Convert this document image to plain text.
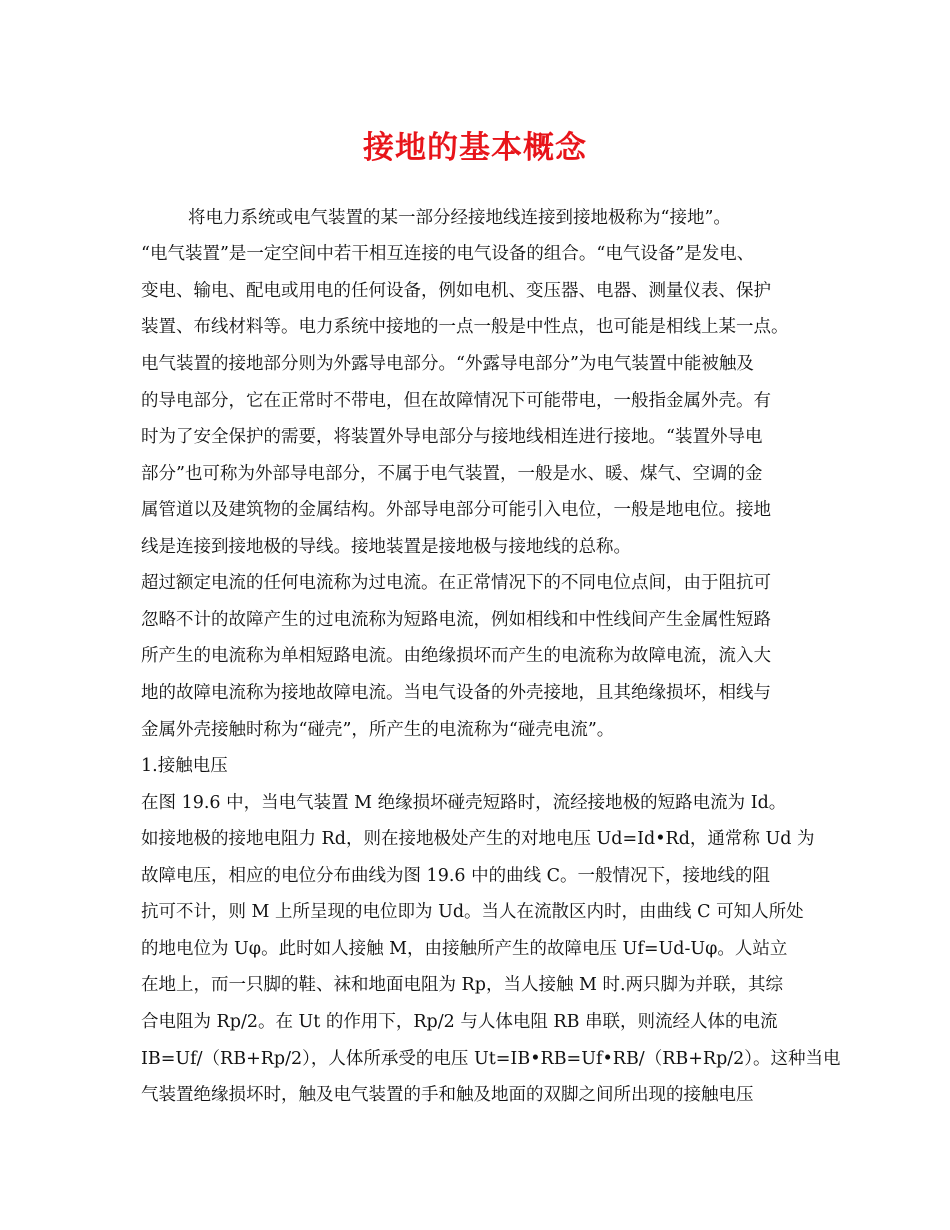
接地的基本概念
将电力系统或电气装置的某一部分经接地线连接到接地极称为“接地”。
“电气装置”是一定空间中若干相互连接的电气设备的组合。“电气设备”是发电、
变电、输电、配电或用电的任何设备，例如电机、变压器、电器、测量仪表、保护
装置、布线材料等。电力系统中接地的一点一般是中性点，也可能是相线上某一点。
电气装置的接地部分则为外露导电部分。“外露导电部分”为电气装置中能被触及
的导电部分，它在正常时不带电，但在故障情况下可能带电，一般指金属外壳。有
时为了安全保护的需要，将装置外导电部分与接地线相连进行接地。“装置外导电
部分”也可称为外部导电部分，不属于电气装置，一般是水、暖、煤气、空调的金
属管道以及建筑物的金属结构。外部导电部分可能引入电位，一般是地电位。接地
线是连接到接地极的导线。接地装置是接地极与接地线的总称。
超过额定电流的任何电流称为过电流。在正常情况下的不同电位点间，由于阻抗可
忽略不计的故障产生的过电流称为短路电流，例如相线和中性线间产生金属性短路
所产生的电流称为单相短路电流。由绝缘损坏而产生的电流称为故障电流，流入大
地的故障电流称为接地故障电流。当电气设备的外壳接地，且其绝缘损坏，相线与
金属外壳接触时称为“碰壳”，所产生的电流称为“碰壳电流”。
1.接触电压
在图 19.6 中，当电气装置 M 绝缘损坏碰壳短路时，流经接地极的短路电流为 Id。
如接地极的接地电阻力 Rd，则在接地极处产生的对地电压 Ud=Id•Rd，通常称 Ud 为
故障电压，相应的电位分布曲线为图 19.6 中的曲线 C。一般情况下，接地线的阻
抗可不计，则 M 上所呈现的电位即为 Ud。当人在流散区内时，由曲线 C 可知人所处
的地电位为 Uφ。此时如人接触 M，由接触所产生的故障电压 Uf=Ud-Uφ。人站立
在地上，而一只脚的鞋、袜和地面电阻为 Rp，当人接触 M 时.两只脚为并联，其综
合电阻为 Rp/2。在 Ut 的作用下，Rp/2 与人体电阻 RB 串联，则流经人体的电流
IB=Uf/（RB+Rp/2），人体所承受的电压 Ut=IB•RB=Uf•RB/（RB+Rp/2）。这种当电
气装置绝缘损坏时，触及电气装置的手和触及地面的双脚之间所出现的接触电压
